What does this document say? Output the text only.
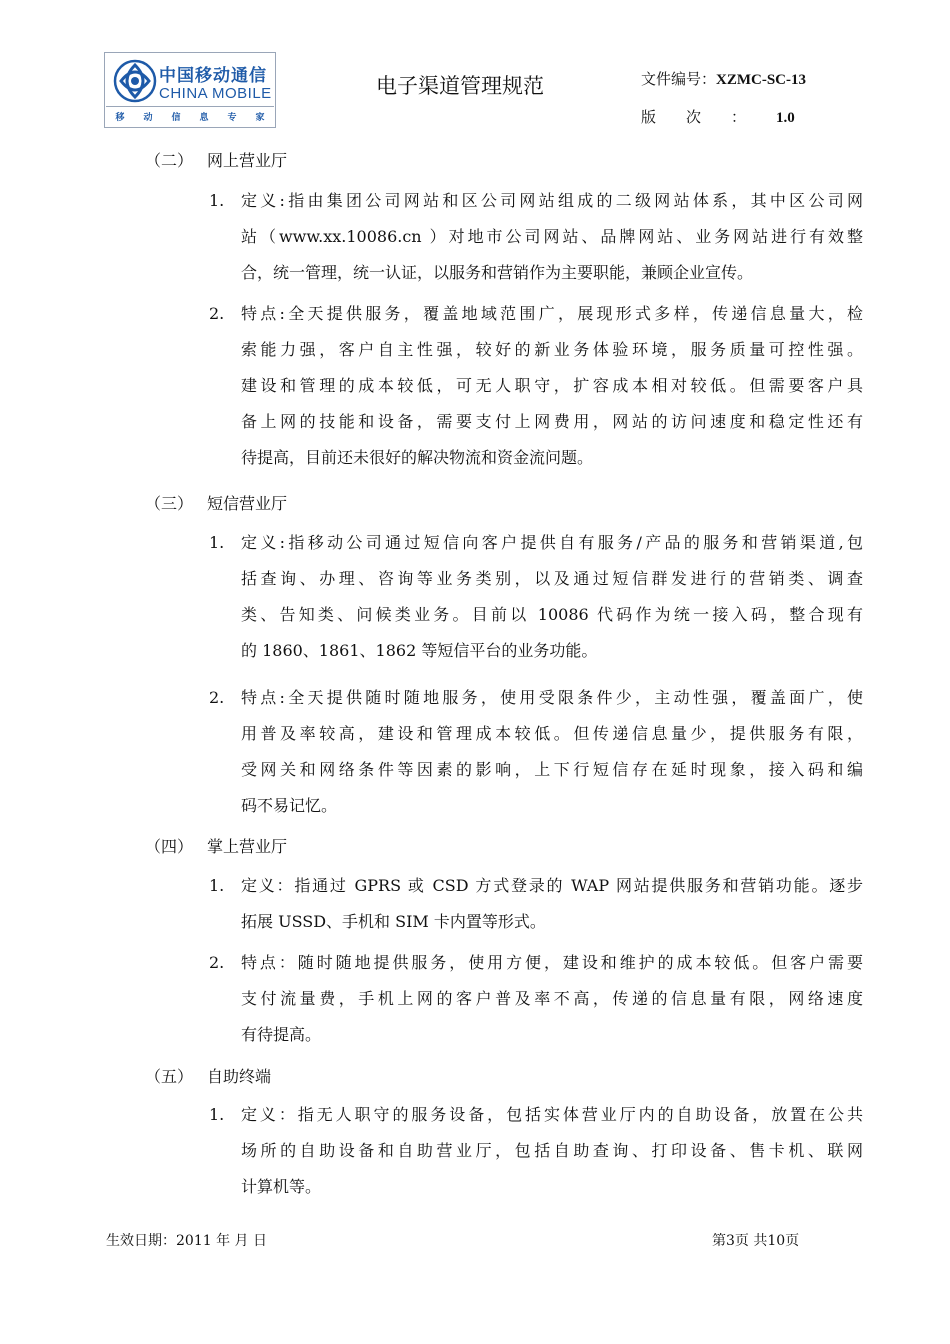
中国移动通信
CHINA MOBILE
移 动 信 息 专 家
电子渠道管理规范	文件编号：XZMC-SC-13
版次：1.0
（二） 网上营业厅
1. 定义:指由集团公司网站和区公司网站组成的二级网站体系，其中区公司网
站（www.xx.10086.cn ）对地市公司网站、品牌网站、业务网站进行有效整
合，统一管理，统一认证，以服务和营销作为主要职能，兼顾企业宣传。
2. 特点:全天提供服务，覆盖地域范围广，展现形式多样，传递信息量大，检
索能力强，客户自主性强，较好的新业务体验环境，服务质量可控性强。
建设和管理的成本较低，可无人职守，扩容成本相对较低。但需要客户具
备上网的技能和设备，需要支付上网费用，网站的访问速度和稳定性还有
待提高，目前还未很好的解决物流和资金流问题。
（三） 短信营业厅
1. 定义:指移动公司通过短信向客户提供自有服务/产品的服务和营销渠道,包
括查询、办理、咨询等业务类别，以及通过短信群发进行的营销类、调查
类、告知类、问候类业务。目前以 10086 代码作为统一接入码，整合现有
的 1860、1861、1862 等短信平台的业务功能。
2. 特点:全天提供随时随地服务，使用受限条件少，主动性强，覆盖面广，使
用普及率较高，建设和管理成本较低。但传递信息量少，提供服务有限，
受网关和网络条件等因素的影响，上下行短信存在延时现象，接入码和编
码不易记忆。
（四） 掌上营业厅
1. 定义：指通过 GPRS 或 CSD 方式登录的 WAP 网站提供服务和营销功能。逐步
拓展 USSD、手机和 SIM 卡内置等形式。
2. 特点：随时随地提供服务，使用方便，建设和维护的成本较低。但客户需要
支付流量费，手机上网的客户普及率不高，传递的信息量有限，网络速度
有待提高。
（五） 自助终端
1. 定义：指无人职守的服务设备，包括实体营业厅内的自助设备，放置在公共
场所的自助设备和自助营业厅，包括自助查询、打印设备、售卡机、联网
计算机等。
生效日期：2011 年 月 日	第3页 共10页
